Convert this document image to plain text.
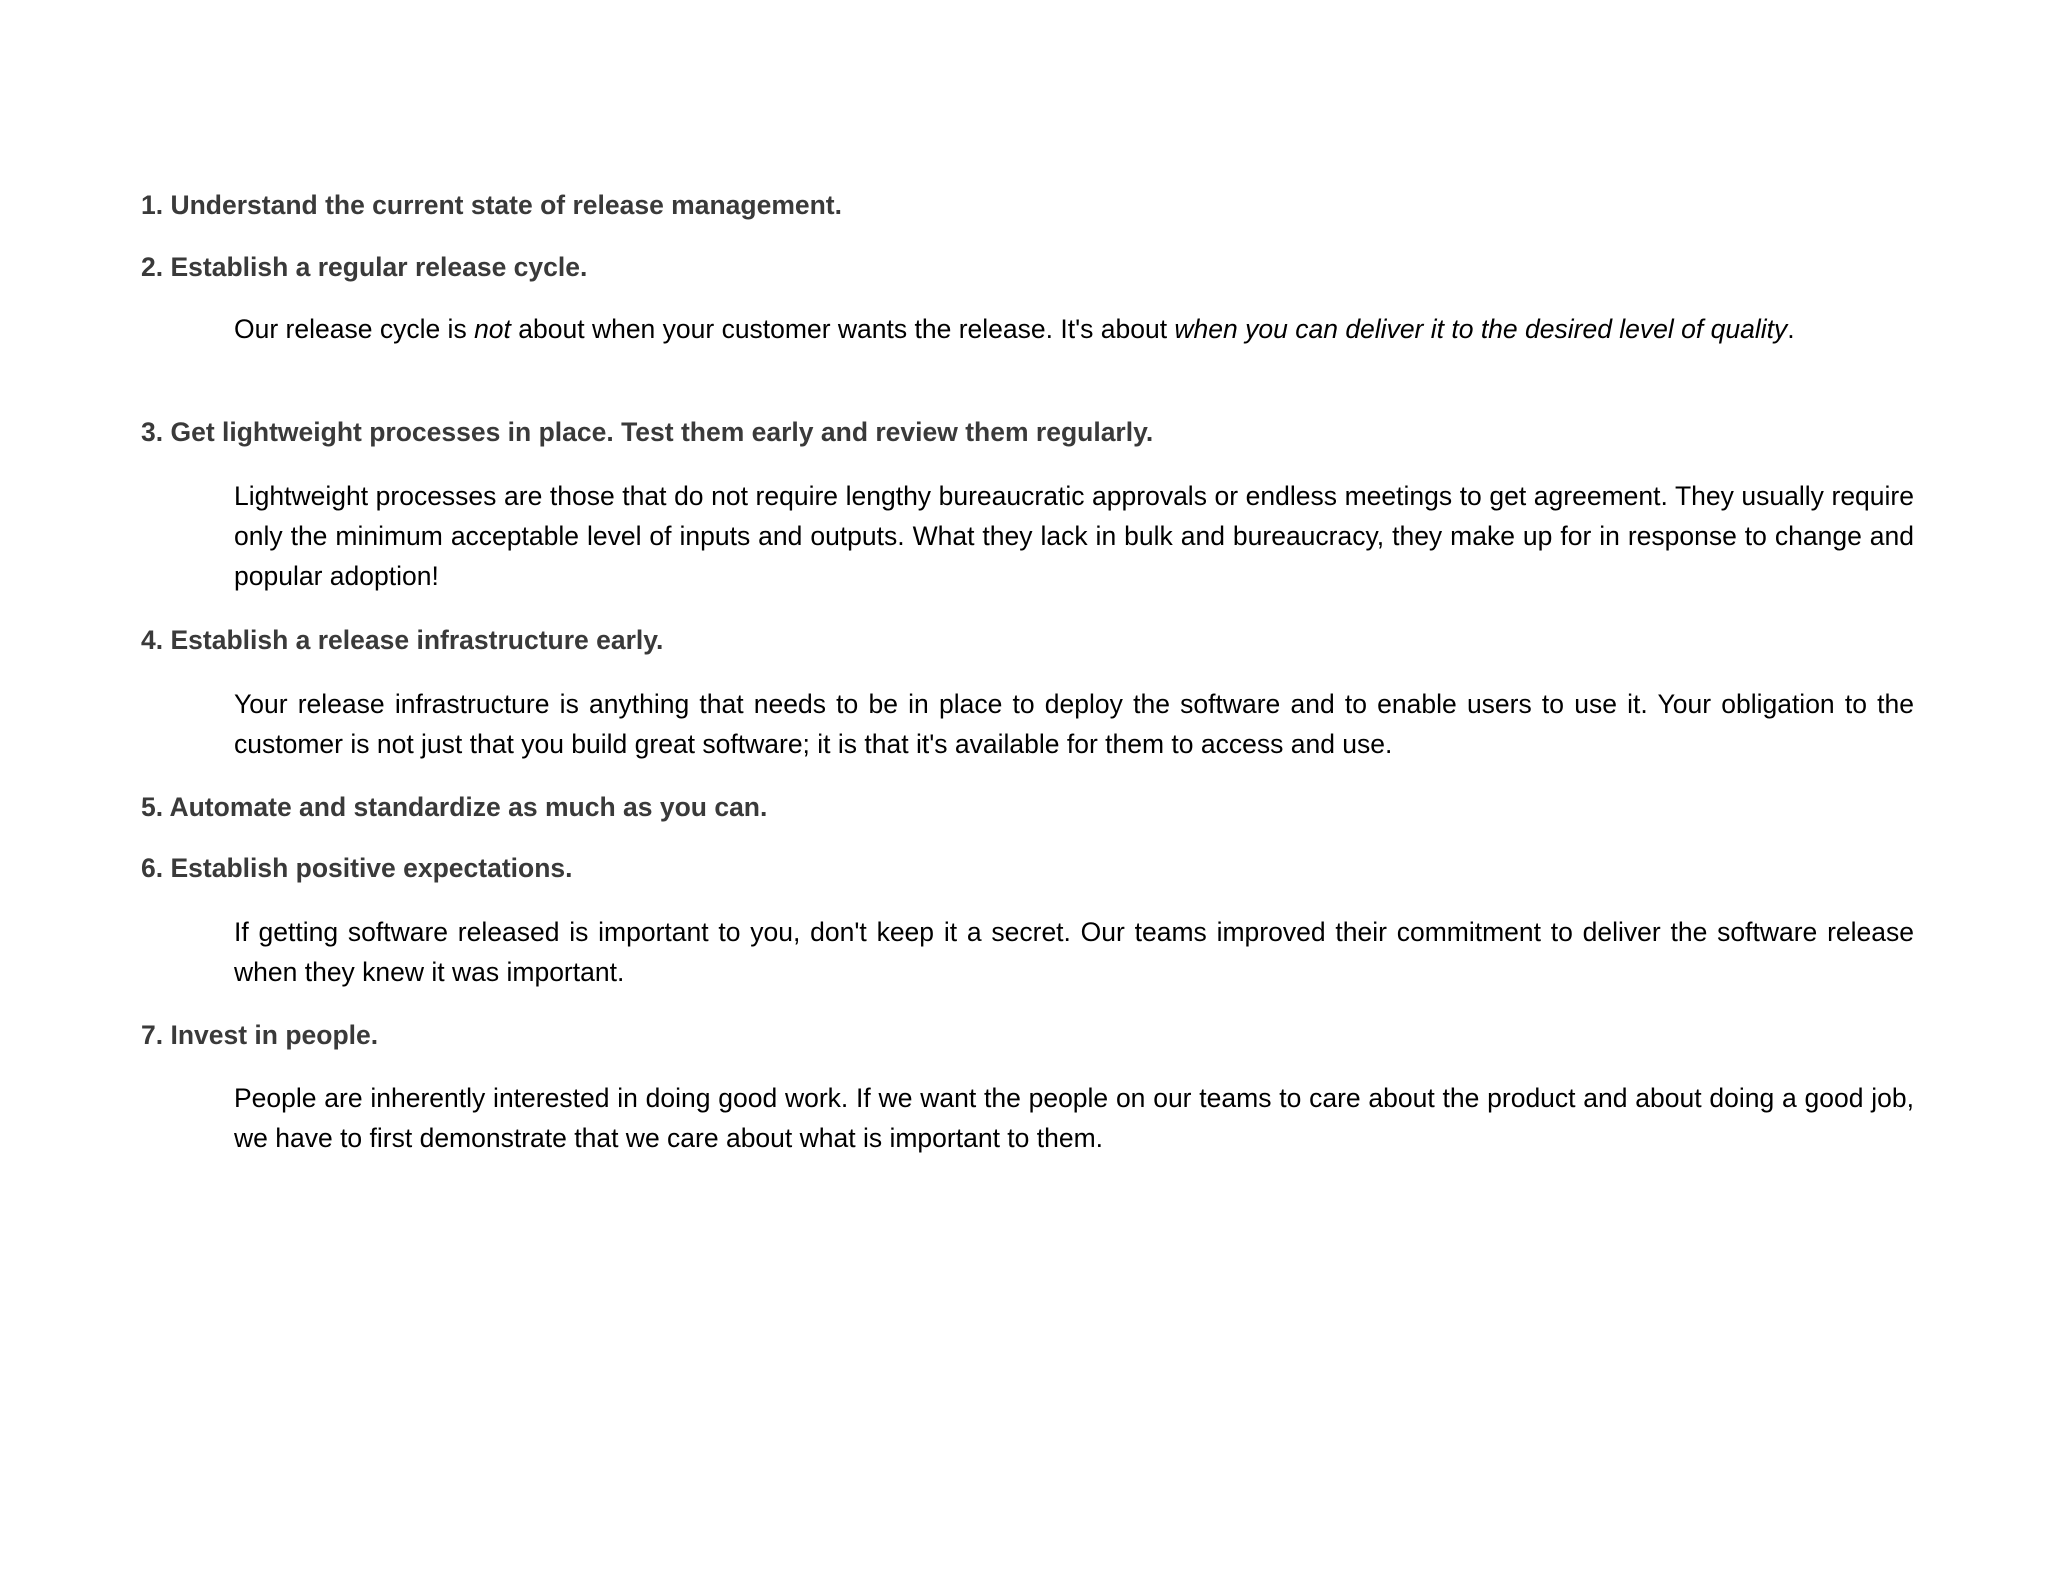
1. Understand the current state of release management.
2. Establish a regular release cycle.
Our release cycle is not about when your customer wants the release. It's about when you can deliver it to the desired level of quality.
3. Get lightweight processes in place. Test them early and review them regularly.
Lightweight processes are those that do not require lengthy bureaucratic approvals or endless meetings to get agreement. They usually require only the minimum acceptable level of inputs and outputs. What they lack in bulk and bureaucracy, they make up for in response to change and popular adoption!
4. Establish a release infrastructure early.
Your release infrastructure is anything that needs to be in place to deploy the software and to enable users to use it. Your obligation to the customer is not just that you build great software; it is that it's available for them to access and use.
5. Automate and standardize as much as you can.
6. Establish positive expectations.
If getting software released is important to you, don't keep it a secret. Our teams improved their commitment to deliver the software release when they knew it was important.
7. Invest in people.
People are inherently interested in doing good work. If we want the people on our teams to care about the product and about doing a good job, we have to first demonstrate that we care about what is important to them.
